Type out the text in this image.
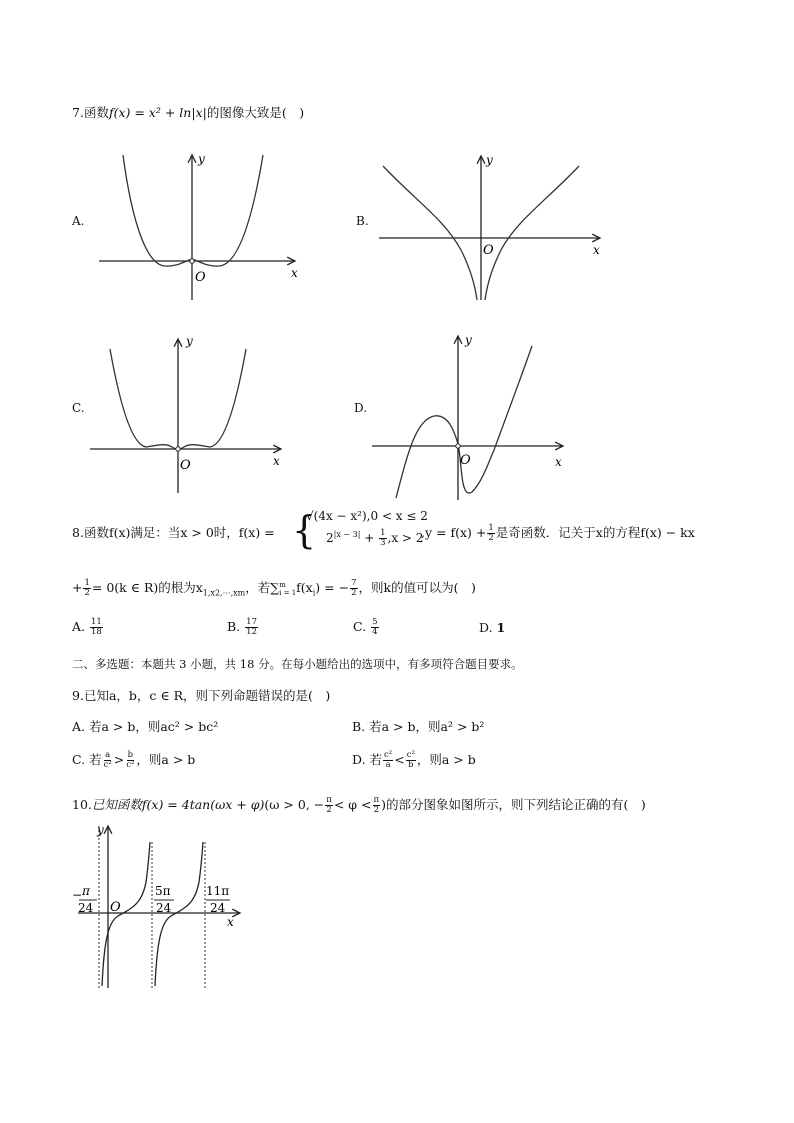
7.函数f(x) = x² + ln|x|的图像大致是(　)
A.
O	x
y
B.
O	x
y
C.
O	x
y
D.
O	x
y
8.函数f(x)满足：当x > 0时，f(x) = {
√(4x − x²),0 < x ≤ 2
$2^{|x - 3|} + \frac{1}{3} ,x > 2$
$,y = f(x) + \frac{1}{2}$ 是奇函数．记关于x的方程f(x) − kx
+ $\frac{1}{2} = 0(k$ ∈ R)的根为$x_{1,x2,\cdots,xm}$，若∑ m
i = 1 $f(x_i)$ = − $\frac{7}{2}$ ，则k的值可以为(　)
A. $\frac{11}{18}$	B. $\frac{17}{12}$	C. $\frac{5}{4}$	D. 1
二、多选题：本题共 3 小题，共 18 分。在每小题给出的选项中，有多项符合题目要求。
9.已知a，b，c ∈ R，则下列命题错误的是(　)
A. 若a > b，则ac² > bc²	B. 若a > b，则a² > b²
C. 若 $\frac{a}{\text{c²}} > \frac{b}{\text{c²}}$ ，则a > b	D. 若 $\frac{\text{c²}}{a} < \frac{\text{c²}}{b}$ ，则a > b
10.已知函数f(x) = 4tan(ωx + φ)(ω > 0, − $\frac{\pi}{2} < \varphi < \frac{\pi}{2}$ )的部分图象如图所示，则下列结论正确的有(　)
y
x
O
− π
24
5π
24
11π
24
